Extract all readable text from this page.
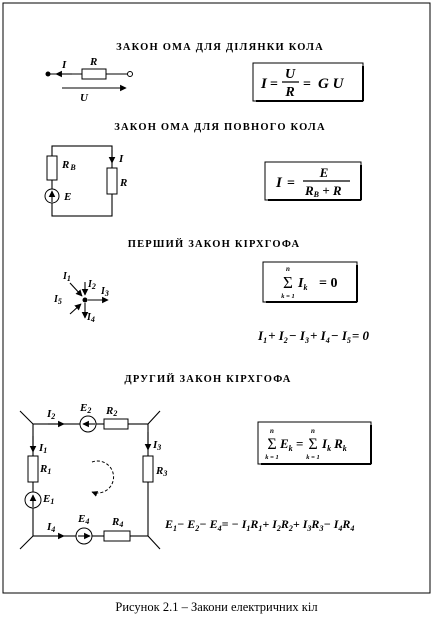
ЗАКОН ОМА ДЛЯ ДІЛЯНКИ КОЛА
I R
U
I =
U
R
= G U
ЗАКОН ОМА ДЛЯ ПОВНОГО КОЛА
RВ
E
I
R	I =
E
RВ + R
ПЕРШИЙ ЗАКОН КІРХГОФА
$I_1$
$I_2$ $I_3$
$I_4$
$I_5$
n
Σ
k = 1
$I_k = 0$
$I_1+ I_2- I_3+ I_4- I_5= 0$
ДРУГИЙ ЗАКОН КІРХГОФА
I2
E2 R2
I1
R1
E1
I3
R3
I4
E4 R4
n
Σ
k = 1
$E_k$ =
n
Σ
k = 1
$I_k$ $R_k$
$E_1- E_2- E_4= - I_1R_1+ I_2R_2+ I_3R_3- I_4R_4$
Рисунок 2.1 – Закони електричних кіл
